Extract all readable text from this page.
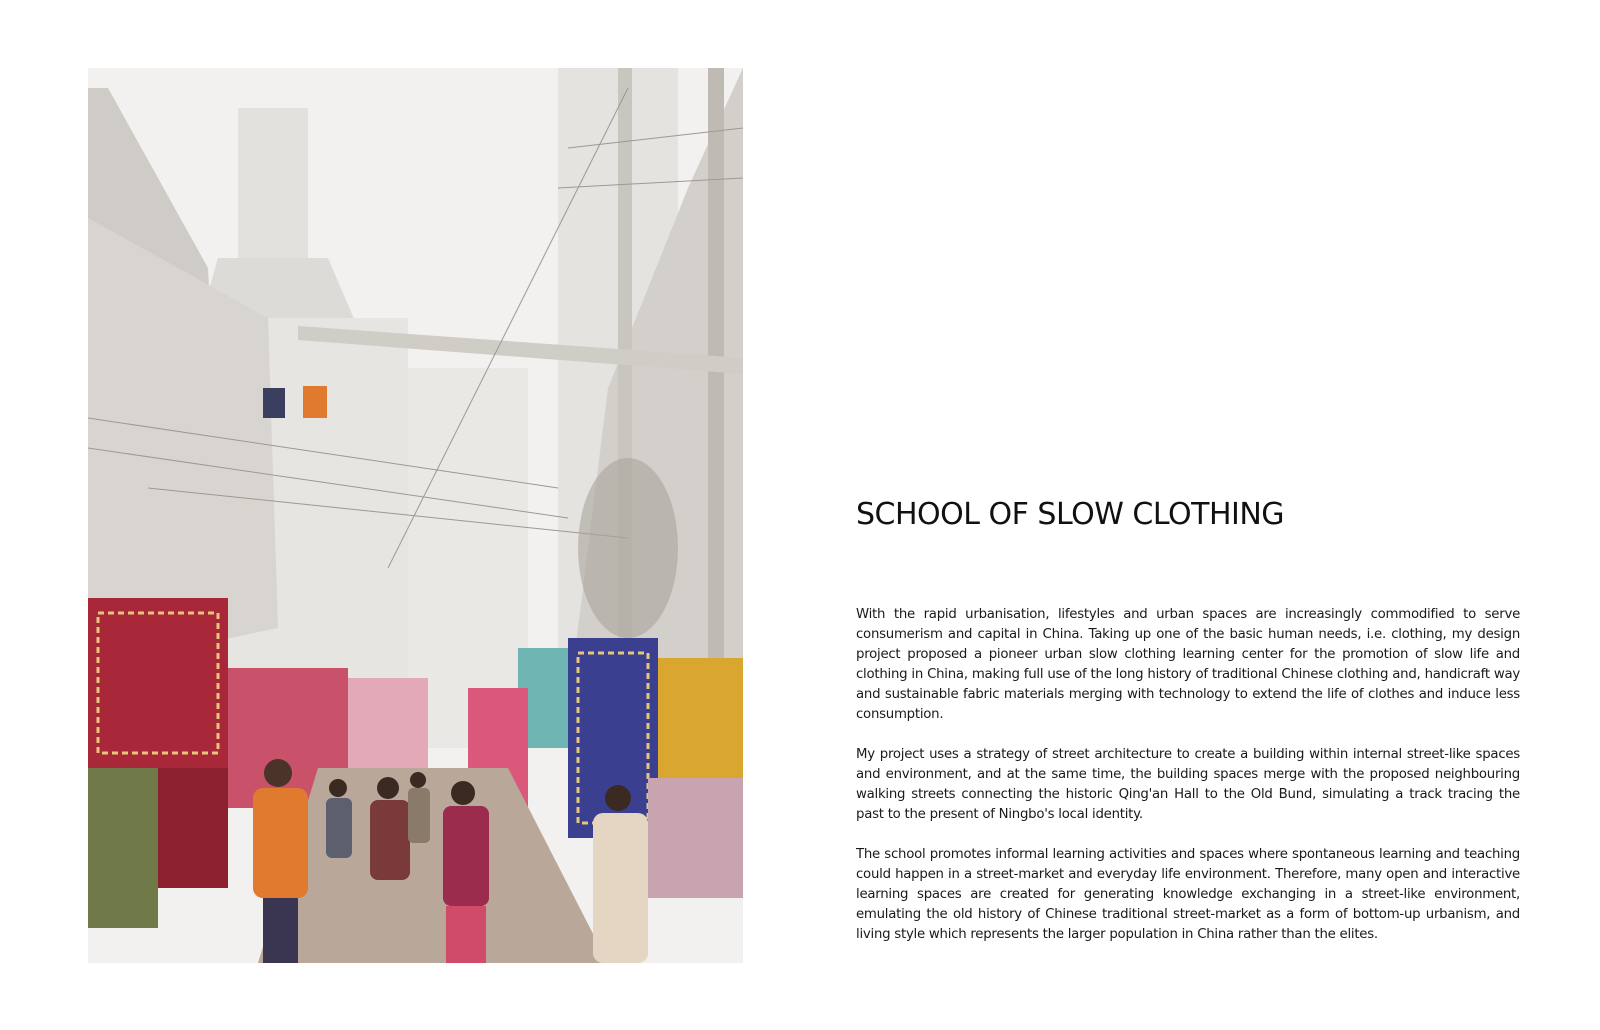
SCHOOL OF SLOW CLOTHING

With the rapid urbanisation, lifestyles and urban spaces are increasingly commodified to serve consumerism and capital in China. Taking up one of the basic human needs, i.e. clothing, my design project proposed a pioneer urban slow clothing learning center for the promotion of slow life and clothing in China, making full use of the long history of traditional Chinese clothing and, handicraft way and sustainable fabric materials merging with technology to extend the life of clothes and induce less consumption.

My project uses a strategy of street architecture to create a building within internal street-like spaces and environment, and at the same time, the building spaces merge with the proposed neighbouring walking streets connecting the historic Qing'an Hall to the Old Bund, simulating a track tracing the past to the present of Ningbo's local identity.

The school promotes informal learning activities and spaces where spontaneous learning and teaching could happen in a street-market and everyday life environment. Therefore, many open and interactive learning spaces are created for generating knowledge exchanging in a street-like environment, emulating the old history of Chinese traditional street-market as a form of bottom-up urbanism, and living style which represents the larger population in China rather than the elites.
